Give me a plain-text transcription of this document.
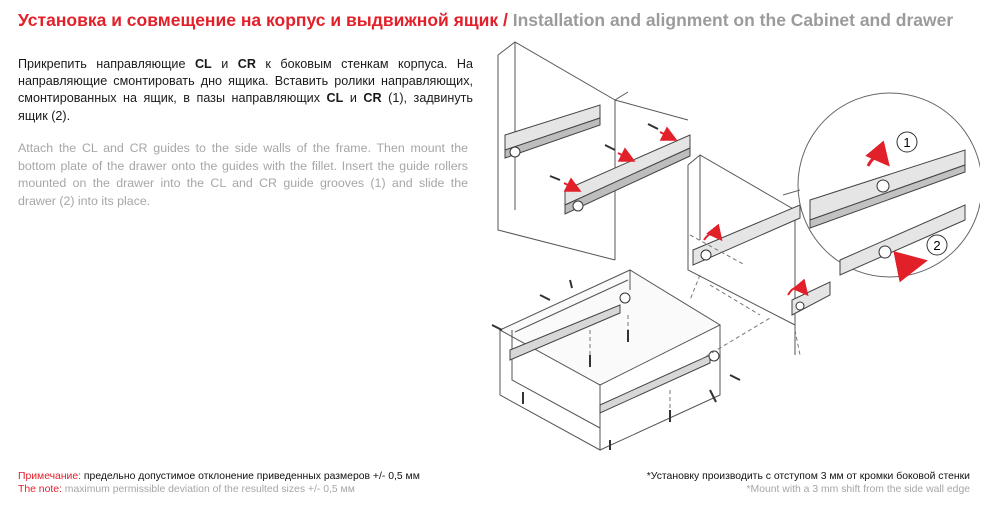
Установка и совмещение на корпус и выдвижной ящик / Installation and alignment on the Cabinet and drawer

Прикрепить направляющие CL и CR к боковым стенкам корпуса. На направляющие смонтировать дно ящика. Вставить ролики направляющих, смонтированных на ящик, в пазы направляющих CL и CR (1), задвинуть ящик (2).

Attach the CL and CR guides to the side walls of the frame. Then mount the bottom plate of the drawer onto the guides with the fillet. Insert the guide rollers mounted on the drawer into the CL and CR guide grooves (1) and slide the drawer (2) into its place.

Примечание: предельно допустимое отклонение приведенных размеров +/- 0,5 мм
The note: maximum permissible deviation of the resulted sizes +/- 0,5 мм
*Установку производить с отступом 3 мм от кромки боковой стенки
*Mount with a 3 mm shift from the side wall edge
1
2
